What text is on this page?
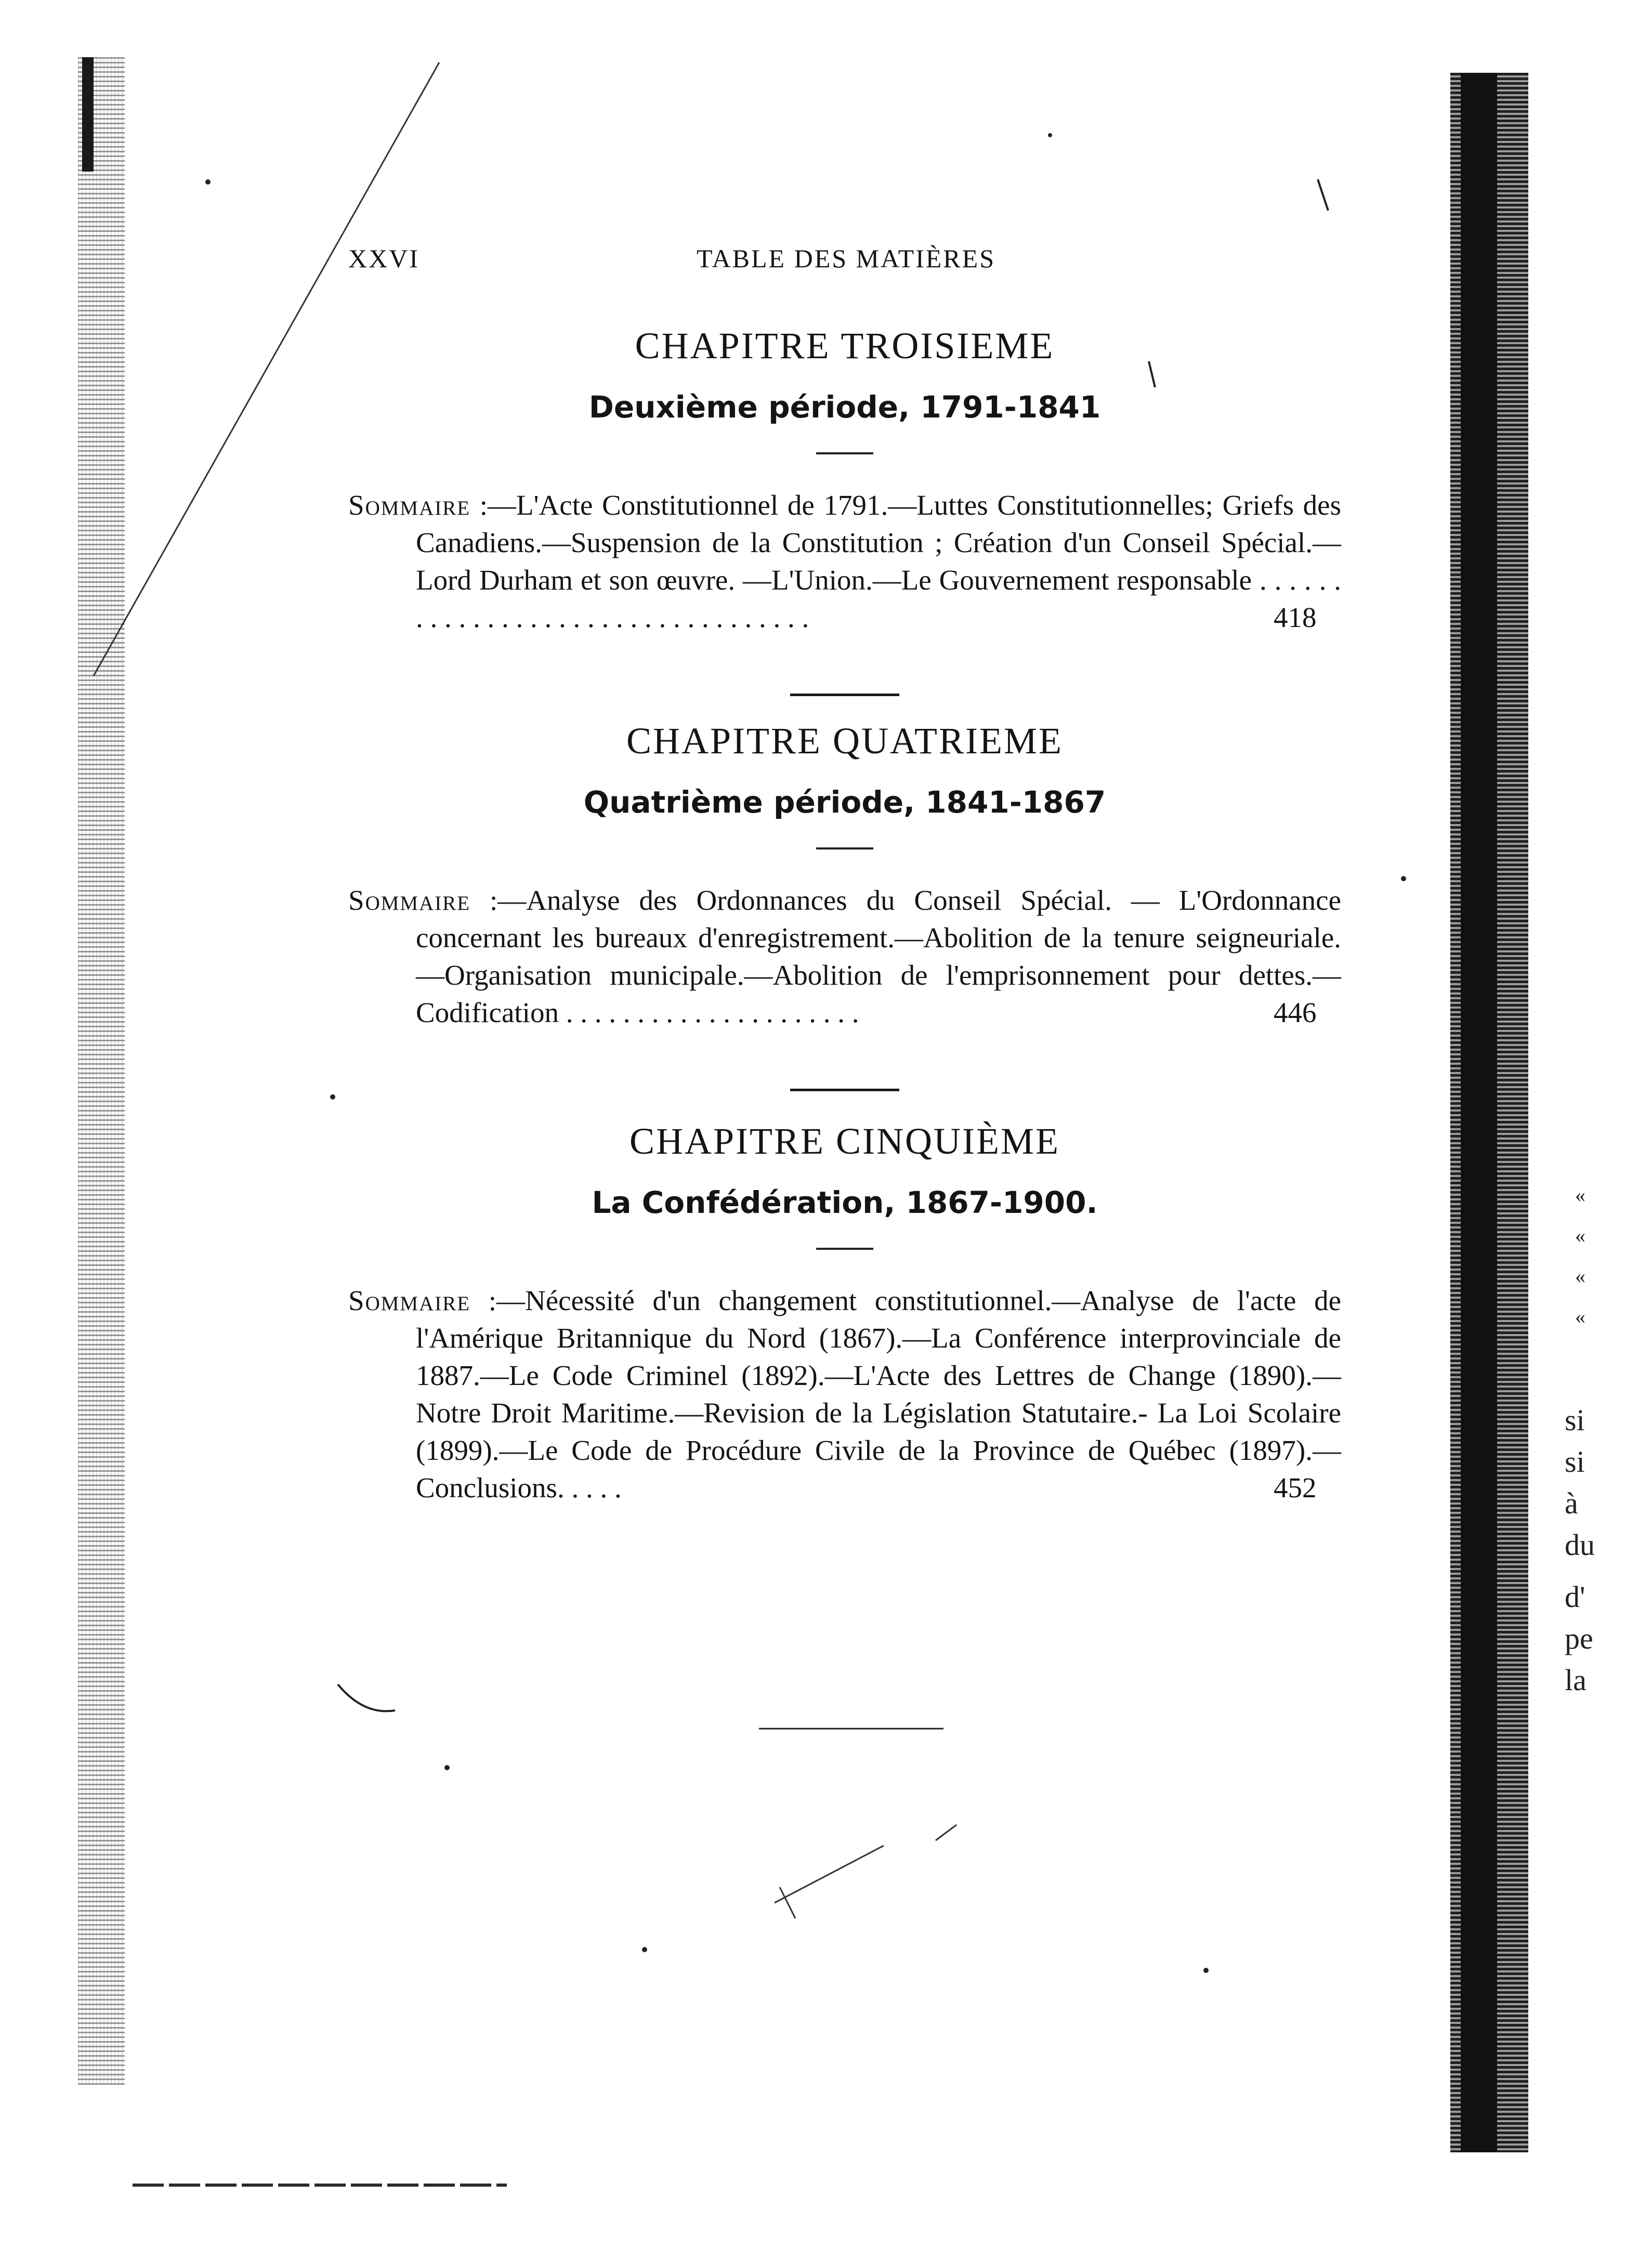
XXVI	TABLE DES MATIÈRES
CHAPITRE TROISIEME
Deuxième période, 1791-1841

Sommaire :—L'Acte Constitutionnel de 1791.—Luttes Constitutionnelles; Griefs des Canadiens.—Suspension de la Constitution ; Création d'un Conseil Spécial.—Lord Durham et son œuvre. —L'Union.—Le Gouvernement responsable . . . . . . . . . . . . . . . . . . . . . . . . . . . . . . . . . .	418

CHAPITRE QUATRIEME
Quatrième période, 1841-1867

Sommaire :—Analyse des Ordonnances du Conseil Spécial. — L'Ordonnance concernant les bureaux d'enregistrement.—Abolition de la tenure seigneuriale.—Organisation municipale.—Abolition de l'emprisonnement pour dettes.—Codification . . . . . . . . . . . . . . . . . . . . .	446

CHAPITRE CINQUIÈME
La Confédération, 1867-1900.

Sommaire :—Nécessité d'un changement constitutionnel.—Analyse de l'acte de l'Amérique Britannique du Nord (1867).—La Conférence interprovinciale de 1887.—Le Code Criminel (1892).—L'Acte des Lettres de Change (1890).—Notre Droit Maritime.—Revision de la Législation Statutaire.- La Loi Scolaire (1899).—Le Code de Procédure Civile de la Province de Québec (1897).—Conclusions. . . . .	452

«
«
«
«
si
si
à
du
d'
pe
la
